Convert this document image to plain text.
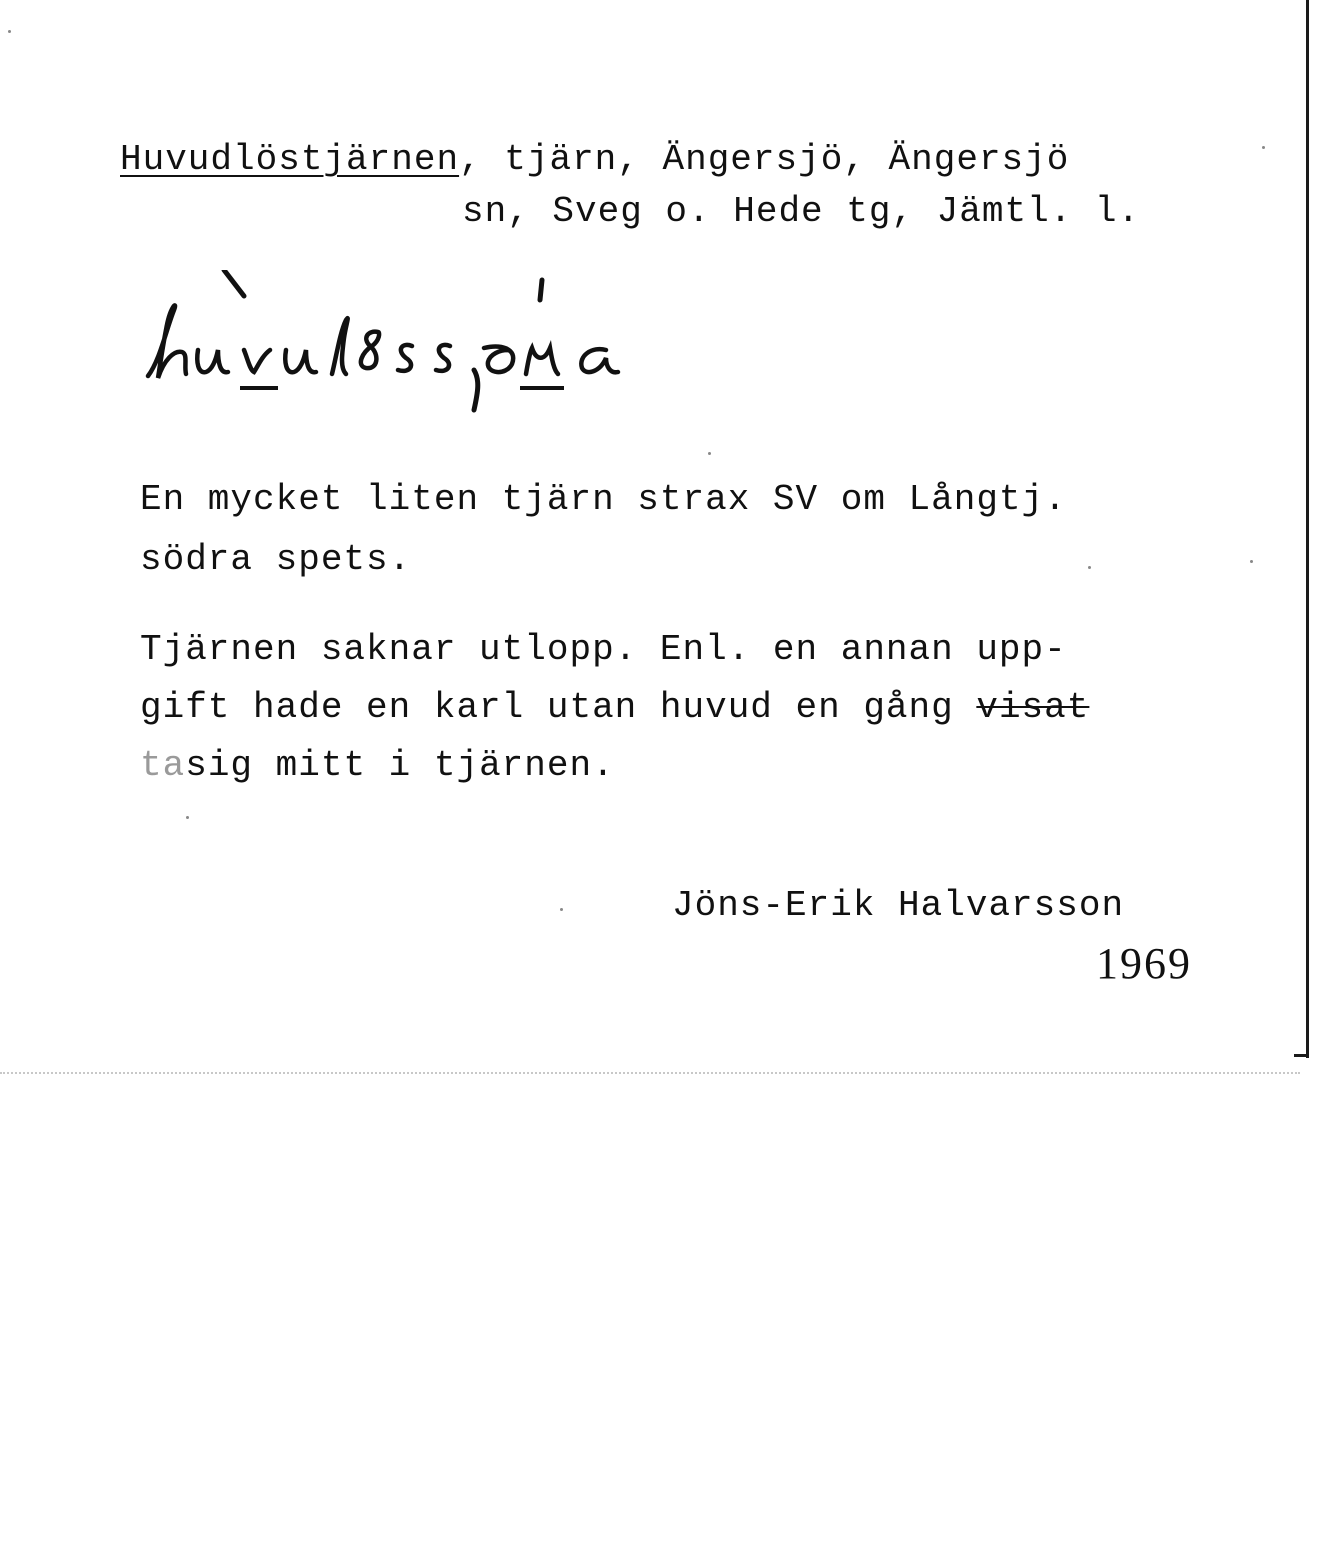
Huvudlöstjärnen, tjärn, Ängersjö, Ängersjö
sn, Sveg o. Hede tg, Jämtl. l.
En mycket liten tjärn strax SV om Långtj.
södra spets.
Tjärnen saknar utlopp. Enl. en annan upp-
gift hade en karl utan huvud en gång visat
tasig mitt i tjärnen.
Jöns-Erik Halvarsson
1969
